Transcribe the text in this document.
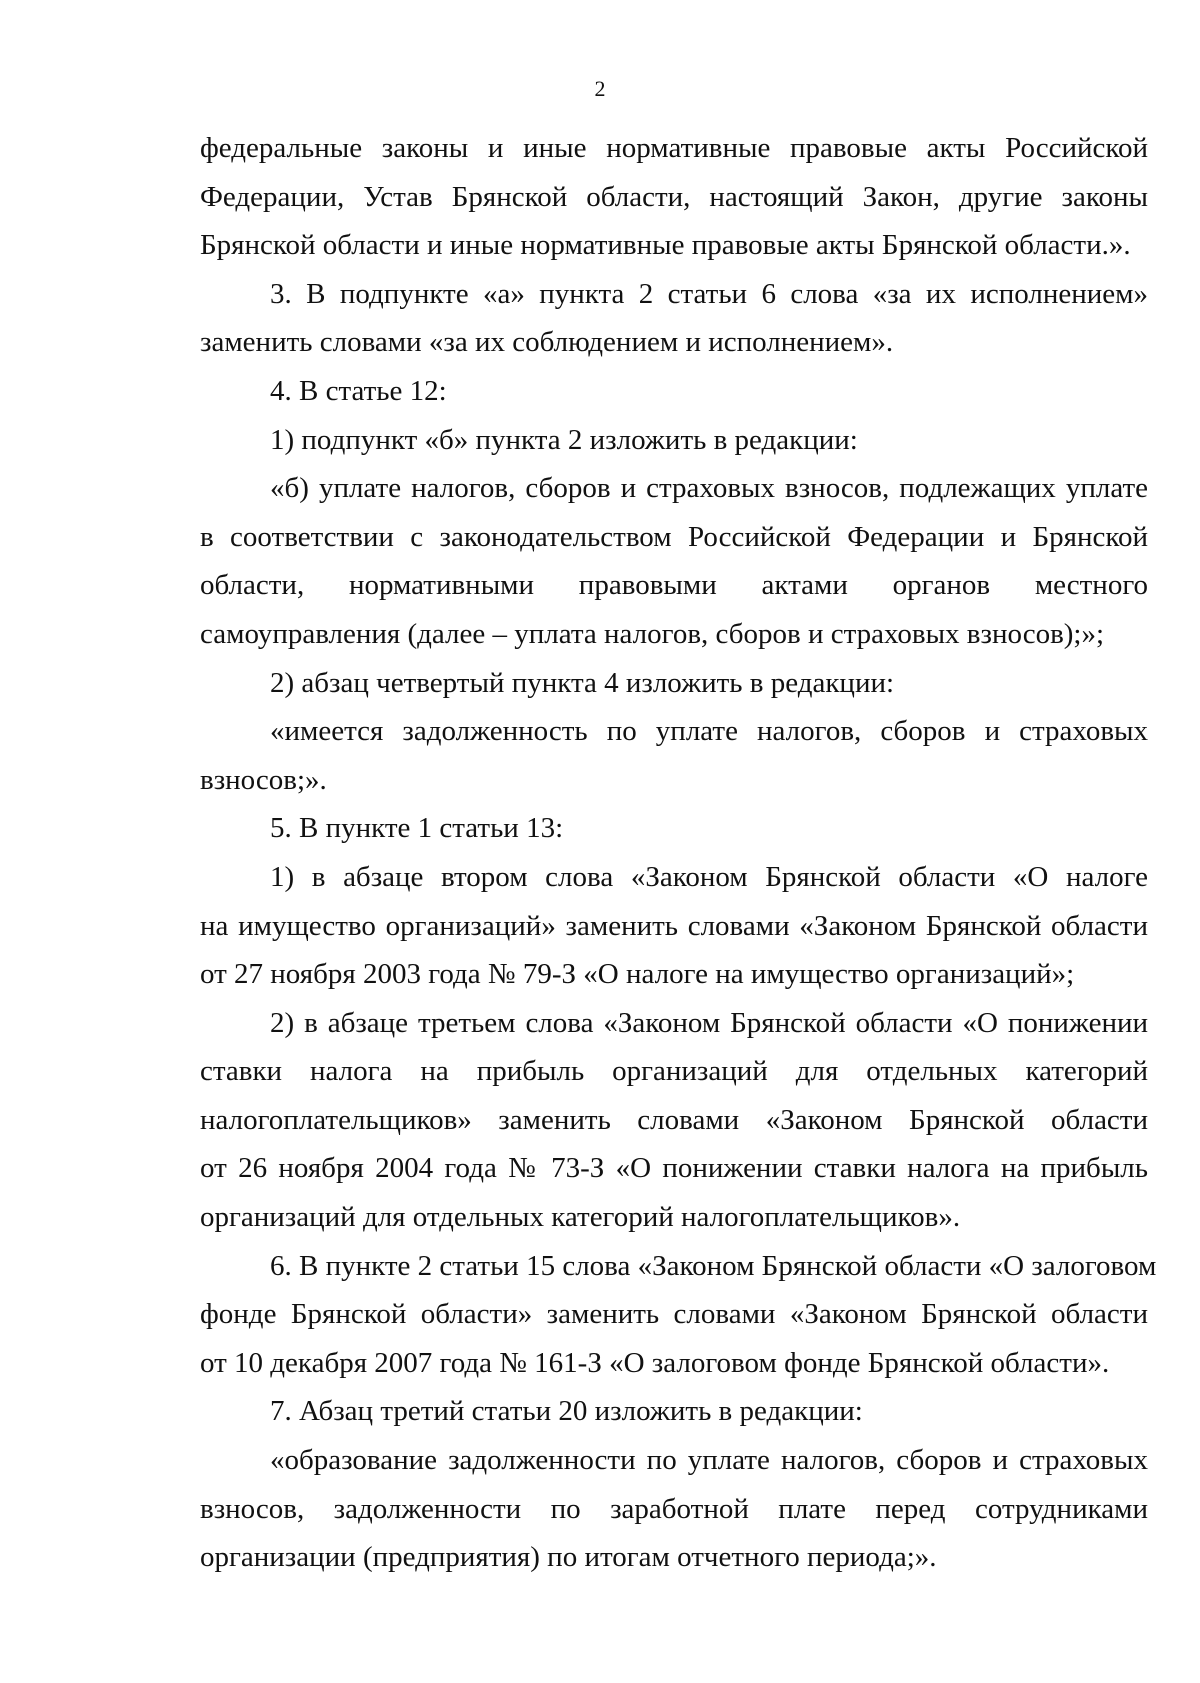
2
федеральные законы и иные нормативные правовые акты Российской
Федерации, Устав Брянской области, настоящий Закон, другие законы
Брянской области и иные нормативные правовые акты Брянской области.».
3. В подпункте «а» пункта 2 статьи 6 слова «за их исполнением»
заменить словами «за их соблюдением и исполнением».
4. В статье 12:
1) подпункт «б» пункта 2 изложить в редакции:
«б) уплате налогов, сборов и страховых взносов, подлежащих уплате
в соответствии с законодательством Российской Федерации и Брянской
области, нормативными правовыми актами органов местного
самоуправления (далее – уплата налогов, сборов и страховых взносов);»;
2) абзац четвертый пункта 4 изложить в редакции:
«имеется задолженность по уплате налогов, сборов и страховых
взносов;».
5. В пункте 1 статьи 13:
1) в абзаце втором слова «Законом Брянской области «О налоге
на имущество организаций» заменить словами «Законом Брянской области
от 27 ноября 2003 года № 79-З «О налоге на имущество организаций»;
2) в абзаце третьем слова «Законом Брянской области «О понижении
ставки налога на прибыль организаций для отдельных категорий
налогоплательщиков» заменить словами «Законом Брянской области
от 26 ноября 2004 года № 73-З «О понижении ставки налога на прибыль
организаций для отдельных категорий налогоплательщиков».
6. В пункте 2 статьи 15 слова «Законом Брянской области «О залоговом
фонде Брянской области» заменить словами «Законом Брянской области
от 10 декабря 2007 года № 161-З «О залоговом фонде Брянской области».
7. Абзац третий статьи 20 изложить в редакции:
«образование задолженности по уплате налогов, сборов и страховых
взносов, задолженности по заработной плате перед сотрудниками
организации (предприятия) по итогам отчетного периода;».
